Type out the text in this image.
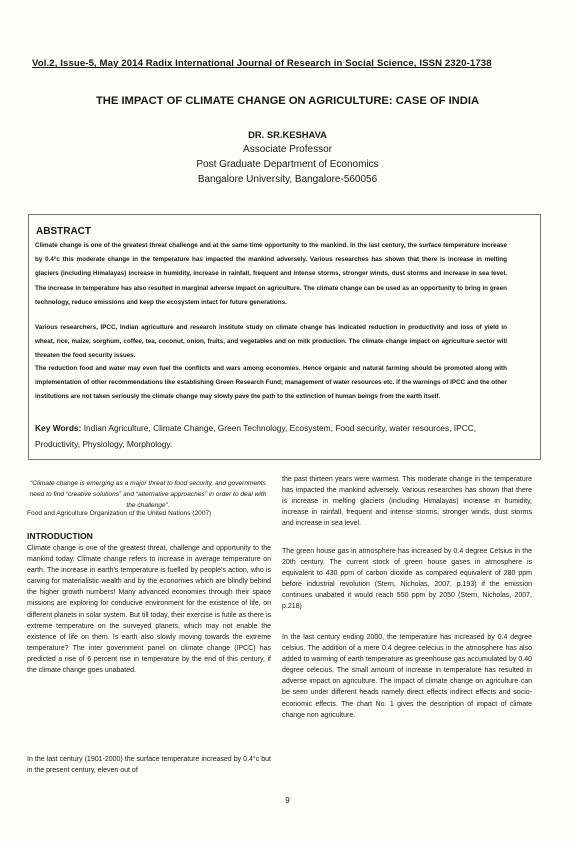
Vol.2, Issue-5, May 2014 Radix International Journal of Research in Social Science, ISSN 2320-1738
THE IMPACT OF CLIMATE CHANGE ON AGRICULTURE: CASE OF INDIA
DR. SR.KESHAVA
Associate Professor
Post Graduate Department of Economics
Bangalore University, Bangalore-560056
ABSTRACT
Climate change is one of the greatest threat challenge and at the same time opportunity to the mankind. In the last century, the surface temperature increase by 0.4°c this moderate change in the temperature has impacted the mankind adversely. Various researches has shown that there is increase in melting glaciers (including Himalayas) increase in humidity, increase in rainfall, frequent and intense storms, stronger winds, dust storms and increase in sea level. The increase in temperature has also resulted in marginal adverse impact on agriculture. The climate change can be used as an opportunity to bring in green technology, reduce emissions and keep the ecosystem intact for future generations.
Various researchers, IPCC, Indian agriculture and research institute study on climate change has indicated reduction in productivity and loss of yield in wheat, rice, maize, sorghum, coffee, tea, coconut, onion, fruits, and vegetables and on milk production. The climate change impact on agriculture sector will threaten the food security issues.
The reduction food and water may even fuel the conflicts and wars among economies. Hence organic and natural farming should be promoted along with implementation of other recommendations like establishing Green Research Fund; management of water resources etc. if the warnings of IPCC and the other institutions are not taken seriously the climate change may slowly pave the path to the extinction of human beings from the earth itself.
Key Words: Indian Agriculture, Climate Change, Green Technology, Ecosystem, Food security, water resources, IPCC, Productivity, Physiology, Morphology.
“Climate change is emerging as a major threat to food security, and governments need to find “creative solutions” and “alternative approaches” in order to deal with the challenge”.
Food and Agriculture Organization of the United Nations (2007)
INTRODUCTION
Climate change is one of the greatest threat, challenge and opportunity to the mankind today. Climate change refers to increase in average temperature on earth. The increase in earth's temperature is fuelled by people's action, who is carving for materialistic wealth and by the economies which are blindly behind the higher growth numbers! Many advanced economies through their space missions are exploring for conducive environment for the existence of life, on different planets in solar system. But till today, their exercise is futile as there is extreme temperature on the surveyed planets, which may not enable the existence of life on them. Is earth also slowly moving towards the extreme temperature? The inter government panel on climate change (IPCC) has predicted a rise of 6 percent rise in temperature by the end of this century, if the climate change goes unabated.
In the last century (1901-2000) the surface temperature increased by 0.4°c but in the present century, eleven out of
the past thirteen years were warmest. This moderate change in the temperature has impacted the mankind adversely. Various researches has shown that there is increase in melting glaciers (including Himalayas) increase in humidity, increase in rainfall, frequent and intense storms, stronger winds, dust storms and increase in sea level.
The green house gas in atmosphere has increased by 0.4 degree Celsius in the 20th century. The current stock of green house gases in atmosphere is equivalent to 430 ppm of carbon dioxide as compared equivalent of 280 ppm before industrial revolution (Stern, Nicholas, 2007, p.193) if the emission continues unabated it would reach 550 ppm by 2050 (Stern, Nicholas, 2007, p.218)
In the last century ending 2000, the temperature has increased by 0.4 degree celsius. The addition of a mere 0.4 degree celecius in the atmosphere has also added to warming of earth temperature as greenhouse gas accumulated by 0.40 degree celecius. The small amount of increase in temperature has resulted in adverse impact on agriculture. The impact of climate change on agriculture can be seen under different heads namely direct effects indirect effects and socio-economic effects. The chart No. 1 gives the description of impact of climate change non agriculture.
9
